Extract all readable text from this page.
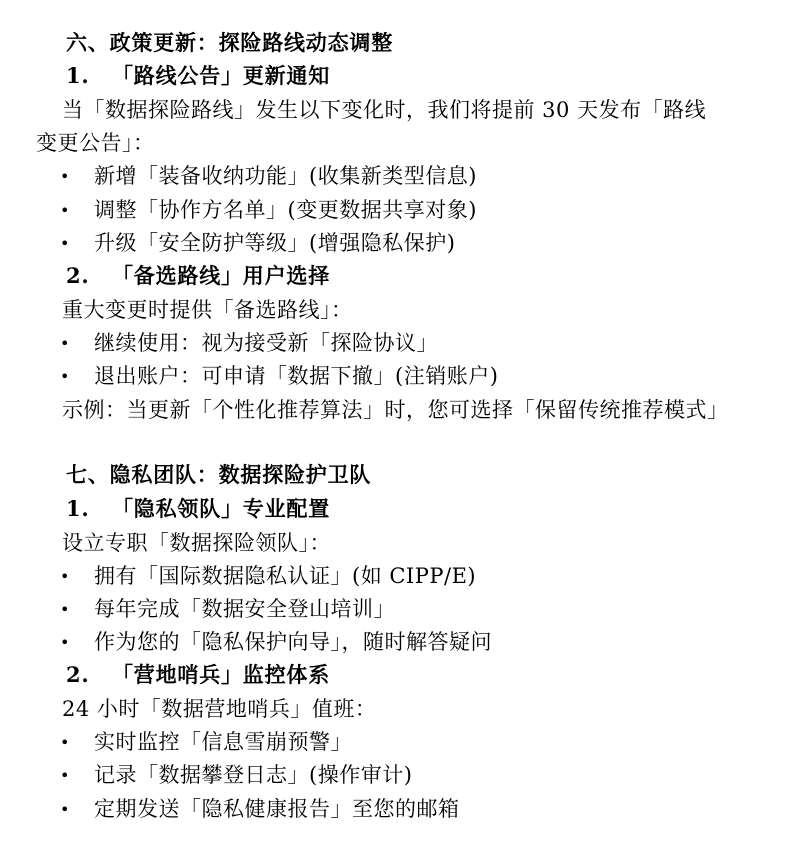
六、政策更新：探险路线动态调整
1. 「路线公告」更新通知
当「数据探险路线」发生以下变化时，我们将提前 30 天发布「路线
变更公告」：
• 新增「装备收纳功能」(收集新类型信息)
• 调整「协作方名单」(变更数据共享对象)
• 升级「安全防护等级」(增强隐私保护)
2. 「备选路线」用户选择
重大变更时提供「备选路线」：
• 继续使用：视为接受新「探险协议」
• 退出账户：可申请「数据下撤」(注销账户)
示例：当更新「个性化推荐算法」时，您可选择「保留传统推荐模式」
七、隐私团队：数据探险护卫队
1. 「隐私领队」专业配置
设立专职「数据探险领队」：
• 拥有「国际数据隐私认证」(如 CIPP/E)
• 每年完成「数据安全登山培训」
• 作为您的「隐私保护向导」，随时解答疑问
2. 「营地哨兵」监控体系
24 小时「数据营地哨兵」值班：
• 实时监控「信息雪崩预警」
• 记录「数据攀登日志」(操作审计)
• 定期发送「隐私健康报告」至您的邮箱
